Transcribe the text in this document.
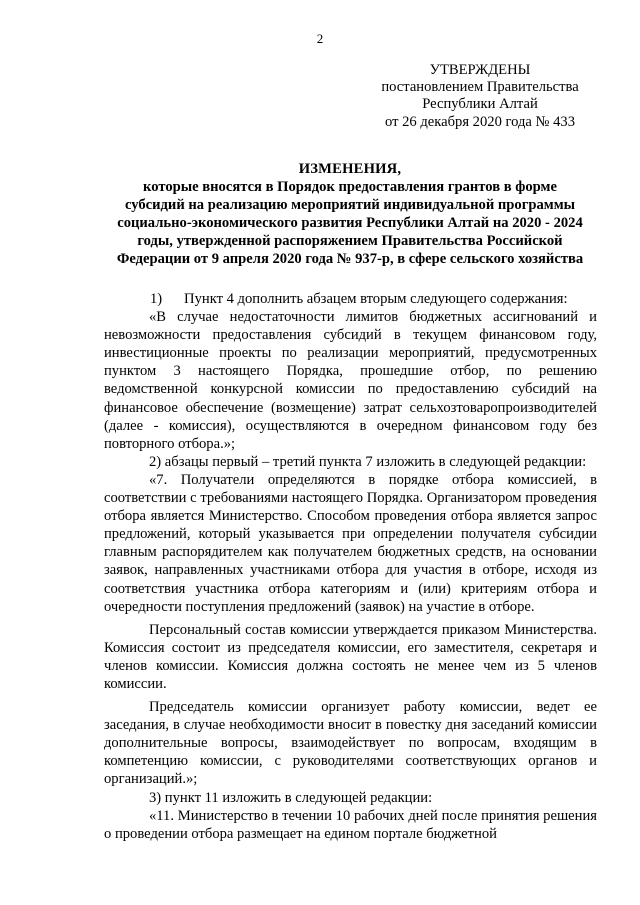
2
УТВЕРЖДЕНЫ
постановлением Правительства
Республики Алтай
от 26 декабря 2020 года № 433
ИЗМЕНЕНИЯ,
которые вносятся в Порядок предоставления грантов в форме
субсидий на реализацию мероприятий индивидуальной программы
социально-экономического развития Республики Алтай на 2020 - 2024
годы, утвержденной распоряжением Правительства Российской
Федерации от 9 апреля 2020 года № 937-р, в сфере сельского хозяйства

1)  Пункт 4 дополнить абзацем вторым следующего содержания:

«В случае недостаточности лимитов бюджетных ассигнований и невозможности предоставления субсидий в текущем финансовом году, инвестиционные проекты по реализации мероприятий, предусмотренных пунктом 3 настоящего Порядка, прошедшие отбор, по решению ведомственной конкурсной комиссии по предоставлению субсидий на финансовое обеспечение (возмещение) затрат сельхозтоваропроизводителей (далее - комиссия), осуществляются в очередном финансовом году без повторного отбора.»;

2) абзацы первый – третий пункта 7 изложить в следующей редакции:

«7. Получатели определяются в порядке отбора комиссией, в соответствии с требованиями настоящего Порядка. Организатором проведения отбора является Министерство. Способом проведения отбора является запрос предложений, который указывается при определении получателя субсидии главным распорядителем как получателем бюджетных средств, на основании заявок, направленных участниками отбора для участия в отборе, исходя из соответствия участника отбора категориям и (или) критериям отбора и очередности поступления предложений (заявок) на участие в отборе.

Персональный состав комиссии утверждается приказом Министерства. Комиссия состоит из председателя комиссии, его заместителя, секретаря и членов комиссии. Комиссия должна состоять не менее чем из 5 членов комиссии.

Председатель комиссии организует работу комиссии, ведет ее заседания, в случае необходимости вносит в повестку дня заседаний комиссии дополнительные вопросы, взаимодействует по вопросам, входящим в компетенцию комиссии, с руководителями соответствующих органов и организаций.»;

3) пункт 11 изложить в следующей редакции:

«11. Министерство в течении 10 рабочих дней после принятия решения о проведении отбора размещает на едином портале бюджетной
